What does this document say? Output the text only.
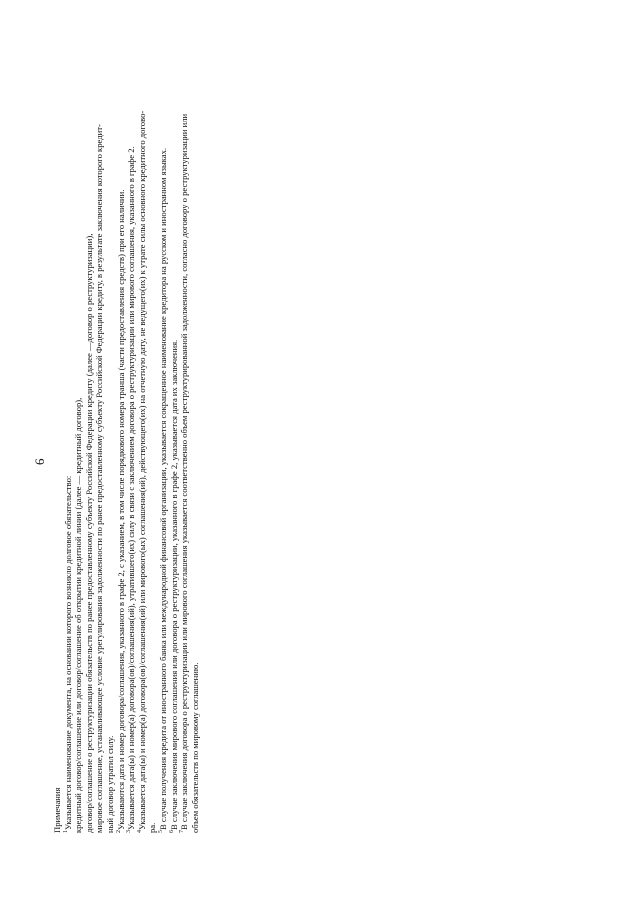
6
Примечания $^1$Указывается наименование документа, на основании которого возникло долговое обязательство: кредитный договор/соглашение или договор/соглашение об открытии кредитной линии (далее — кредитный договор), договор/соглашение о реструктуризации обязательств по ранее предоставленному субъекту Российской Федерации кредиту (далее —договор о реструктуризации), мировое соглашение, устанавливающее условие урегулирования задолженности по ранее предоставленному субъекту Российской Федерации кредиту, в результате заключения которого кредит- ный договор утратил силу. $^2$Указываются дата и номер договора/соглашения, указанного в графе 2, с указанием, в том числе порядкового номера транша (части предоставления средств) при его наличии.
$^3$Указывается дата(ы) и номер(а) договора(ов)/соглашения(ий), утратившего(их) силу в связи с заключением договора о реструктуризации или мирового соглашения, указанного в графе 2.
$^4$Указывается дата(ы) и номер(а) договора(ов)/соглашения(ий) или мирового(ых) соглашения(ий), действующего(их) на отчетную дату, не ведущего(их) к утрате силы основного кредитного догово- ра. $^5$В случае получения кредита от иностранного банка или международной финансовой организации, указывается сокращенное наименование кредитора на русском и иностранном языках.
$^6$В случае заключения мирового соглашения или договора о реструктуризации, указанного в графе 2, указывается дата их заключения.
$^7$В случае заключения договора о реструктуризации или мирового соглашения указывается соответственно объем реструктурированной задолженности, согласно договору о реструктуризации или объем обязательств по мировому соглашению.
